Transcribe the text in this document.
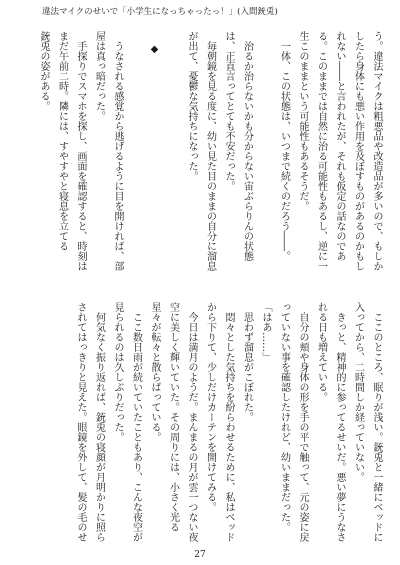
違法マイクのせいで「小学生になっちゃったっ！」(入間銃兎)
う。違法マイクは粗悪品や改造品が多いので、もしか
したら身体にも悪い作用を及ぼすものがあるのかもし
れない――と言われたが、それも仮定の話なのであ
る。このままでは自然に治る可能性もあるし、逆に一
生このままという可能性もあるそうだ。
一体、この状態は、いつまで続くのだろう――。
治るか治らないかも分からない宙ぶらりんの状態
は、正直言ってとても不安だった。
毎朝鏡を見る度に、幼い見た目のままの自分に溜息
が出て、憂鬱な気持ちになった。
◆
うなされる感覚から逃げるように目を開ければ、部
屋は真っ暗だった。
手探りでスマホを探し、画面を確認すると、時刻は
まだ午前二時。隣には、すやすやと寝息を立てる
銃兎の姿がある。
ここのところ、眠りが浅い。銃兎と一緒にベッドに
入ってから、二時間しか経っていない。
きっと、精神的に参ってるせいだ。悪い夢にうなさ
れる日も増えている。
自分の頬や身体の形を手の平で触って、元の姿に戻
っていない事を確認したけれど、幼いままだった。
「はあ……」
思わず溜息がこぼれた。
悶々とした気持ちを紛らわせるために、私はベッド
から下りて、少しだけカーテンを開けてみる。
今日は満月のようだ。まんまるの月が雲一つない夜
空に美しく輝いていた。その周りには、小さく光る
星々が転々と散らばっている。
ここ数日雨が続いていたこともあり、こんな夜空が
見られるのは久しぶりだった。
何気なく振り返れば、銃兎の寝顔が月明かりに照ら
されてはっきりと見えた。眼鏡を外して、髪の毛のせ
27
